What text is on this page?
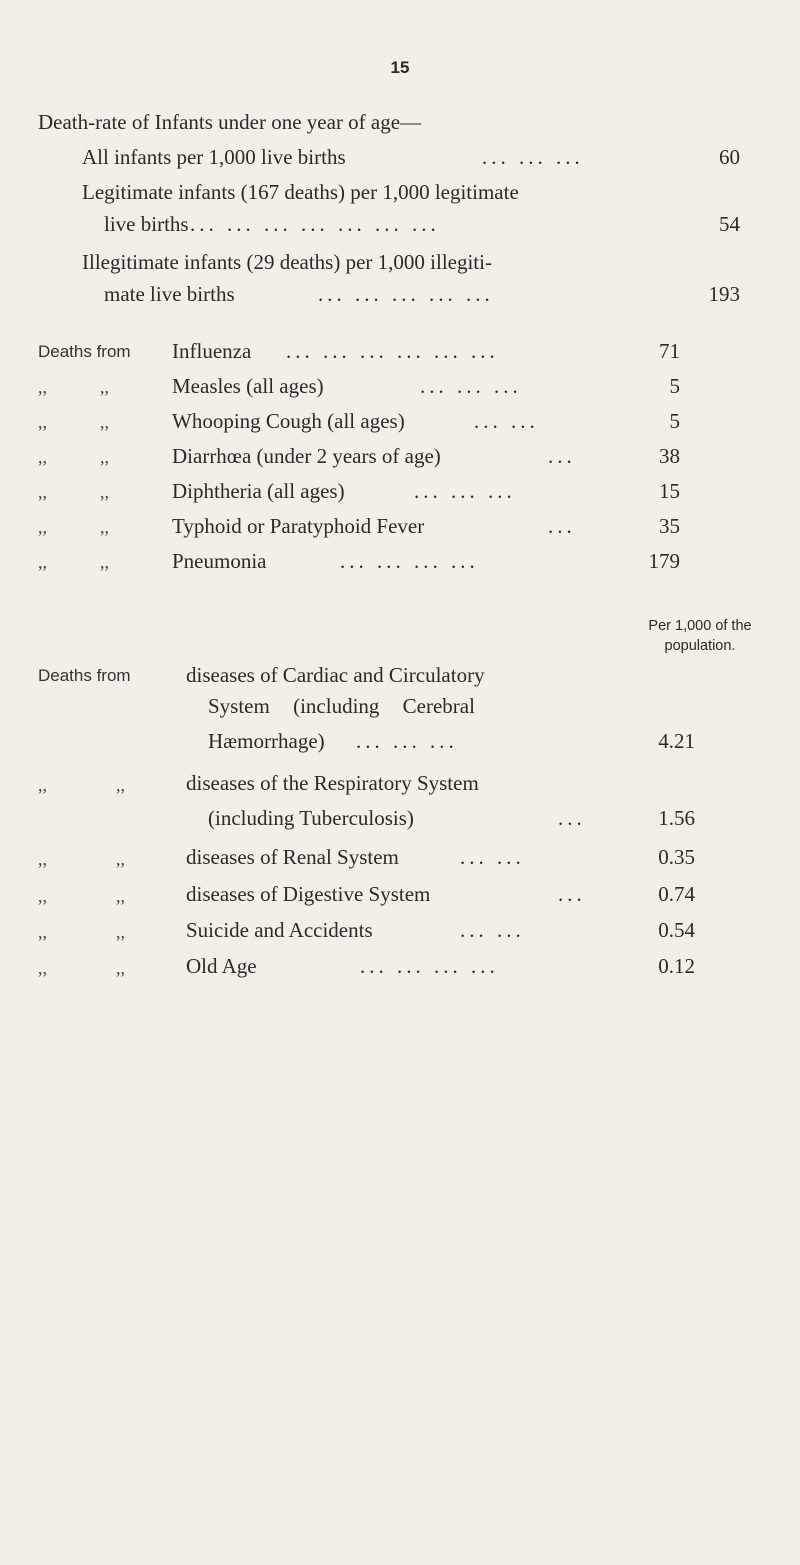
15
Death-rate of Infants under one year of age—
All infants per 1,000 live births	... ... ...	60
Legitimate infants (167 deaths) per 1,000 legitimate
live births ... ... ... ... ... ... ...	54
Illegitimate infants (29 deaths) per 1,000 illegiti-
mate live births	... ... ... ... ...	193
Deaths from Influenza ... ... ... ... ... ...	71
,,	,,	Measles (all ages)	... ... ...	5
,,	,,	Whooping Cough (all ages)	... ...	5
,,	,,	Diarrhœa (under 2 years of age)	...	38
,,	,,	Diphtheria (all ages)	... ... ...	15
,,	,,	Typhoid or Paratyphoid Fever	...	35
,,	,,	Pneumonia	... ... ... ...	179
Per 1,000 of the population.
Deaths from	diseases of Cardiac and Circulatory
System (including Cerebral
Hæmorrhage) ... ... ...	4.21
,,	,,	diseases of the Respiratory System
(including Tuberculosis)	...	1.56
,,	,,	diseases of Renal System	... ...	0.35
,,	,,	diseases of Digestive System	...	0.74
,,	,,	Suicide and Accidents	... ...	0.54
,,	,,	Old Age	... ... ... ...	0.12
